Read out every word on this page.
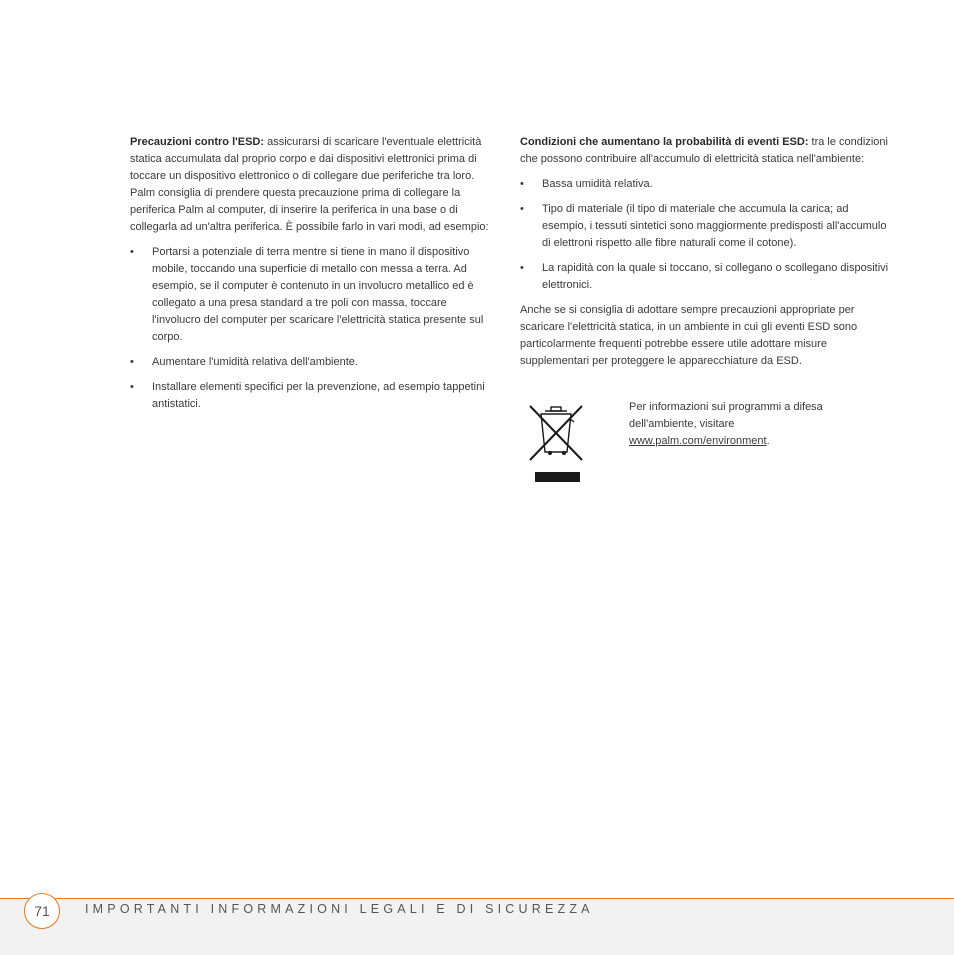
Precauzioni contro l'ESD: assicurarsi di scaricare l'eventuale elettricità statica accumulata dal proprio corpo e dai dispositivi elettronici prima di toccare un dispositivo elettronico o di collegare due periferiche tra loro. Palm consiglia di prendere questa precauzione prima di collegare la periferica Palm al computer, di inserire la periferica in una base o di collegarla ad un'altra periferica. È possibile farlo in vari modi, ad esempio:

• Portarsi a potenziale di terra mentre si tiene in mano il dispositivo mobile, toccando una superficie di metallo con messa a terra. Ad esempio, se il computer è contenuto in un involucro metallico ed è collegato a una presa standard a tre poli con massa, toccare l'involucro del computer per scaricare l'elettricità statica presente sul corpo.
• Aumentare l'umidità relativa dell'ambiente.
• Installare elementi specifici per la prevenzione, ad esempio tappetini antistatici.

Condizioni che aumentano la probabilità di eventi ESD: tra le condizioni che possono contribuire all'accumulo di elettricità statica nell'ambiente:

• Bassa umidità relativa.
• Tipo di materiale (il tipo di materiale che accumula la carica; ad esempio, i tessuti sintetici sono maggiormente predisposti all'accumulo di elettroni rispetto alle fibre naturali come il cotone).
• La rapidità con la quale si toccano, si collegano o scollegano dispositivi elettronici.

Anche se si consiglia di adottare sempre precauzioni appropriate per scaricare l'elettricità statica, in un ambiente in cui gli eventi ESD sono particolarmente frequenti potrebbe essere utile adottare misure supplementari per proteggere le apparecchiature da ESD.

Per informazioni sui programmi a difesa dell'ambiente, visitare
www.palm.com/environment.
71	IMPORTANTI INFORMAZIONI LEGALI E DI SICUREZZA
